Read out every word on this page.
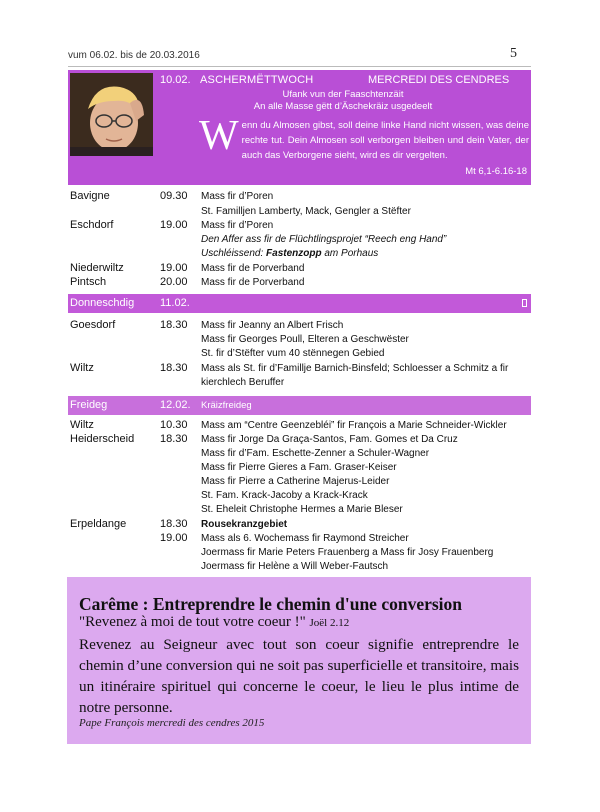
vum 06.02. bis de 20.03.2016	5
10.02. ASCHERMËTTWOCH	MERCREDI DES CENDRES
Ufank vun der Faaschtenzäit
An alle Masse gëtt d’Äschekräiz usgedeelt
Wenn du Almosen gibst, soll deine linke Hand nicht wissen, was deine rechte tut. Dein Almosen soll verborgen bleiben und dein Vater, der auch das Verborgene sieht, wird es dir vergelten.
Mt 6,1-6.16-18
Bavigne	09.30 Mass fir d’Poren
St. Familljen Lamberty, Mack, Gengler a Stëfter
Eschdorf	19.00 Mass fir d’Poren
Den Affer ass fir de Flüchtlingsprojet “Reech eng Hand”
Uschléissend: Fastenzopp am Porhaus
Niederwiltz	19.00 Mass fir de Porverband
Pintsch	20.00 Mass fir de Porverband
Donneschdig 11.02.
Goesdorf	18.30 Mass fir Jeanny an Albert Frisch
Mass fir Georges Poull, Elteren a Geschwëster
St. fir d’Stëfter vum 40 stënnegen Gebied
Wiltz	18.30 Mass als St. fir d’Famillje Barnich-Binsfeld; Schloesser a Schmitz a fir
kierchlech Beruffer
Freideg	12.02. Kräizfreideg
Wiltz	10.30 Mass am “Centre Geenzebléi” fir François a Marie Schneider-Wickler
Heiderscheid 18.30 Mass fir Jorge Da Graça-Santos, Fam. Gomes et Da Cruz
Mass fir d’Fam. Eschette-Zenner a Schuler-Wagner
Mass fir Pierre Gieres a Fam. Graser-Keiser
Mass fir Pierre a Catherine Majerus-Leider
St. Fam. Krack-Jacoby a Krack-Krack
St. Eheleit Christophe Hermes a Marie Bleser
Erpeldange	18.30 Rousekranzgebiet
19.00 Mass als 6. Wochemass fir Raymond Streicher
Joermass fir Marie Peters Frauenberg a Mass fir Josy Frauenberg
Joermass fir Helène a Will Weber-Fautsch
Carême : Entreprendre le chemin d'une conversion
"Revenez à moi de tout votre coeur !" Joël 2.12
Revenez au Seigneur avec tout son coeur signifie entreprendre le chemin d’une conversion qui ne soit pas superficielle et transitoire, mais un itinéraire spirituel qui concerne le coeur, le lieu le plus intime de notre personne.
Pape François mercredi des cendres 2015
